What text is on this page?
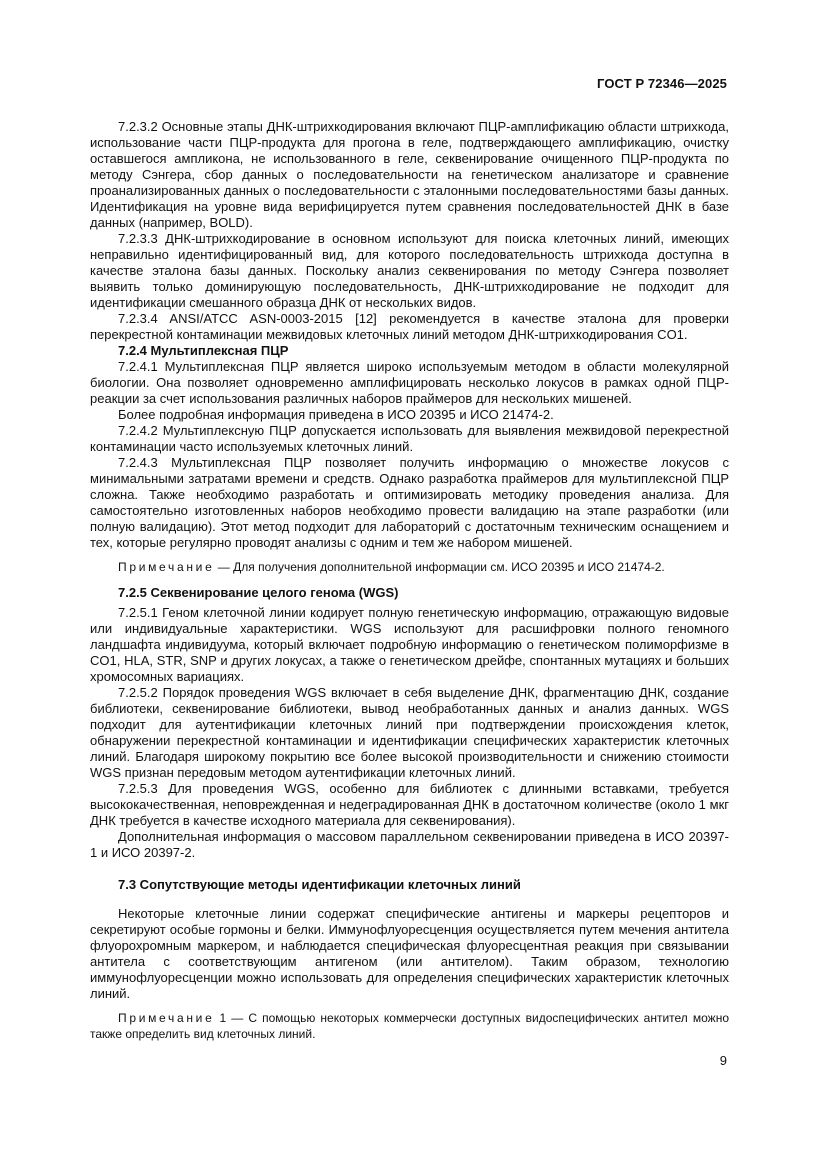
ГОСТ Р 72346—2025

7.2.3.2 Основные этапы ДНК-штрихкодирования включают ПЦР-амплификацию области штрихкода, использование части ПЦР-продукта для прогона в геле, подтверждающего амплификацию, очистку оставшегося ампликона, не использованного в геле, секвенирование очищенного ПЦР-продукта по методу Сэнгера, сбор данных о последовательности на генетическом анализаторе и сравнение проанализированных данных о последовательности с эталонными последовательностями базы данных. Идентификация на уровне вида верифицируется путем сравнения последовательностей ДНК в базе данных (например, BOLD).

7.2.3.3 ДНК-штрихкодирование в основном используют для поиска клеточных линий, имеющих неправильно идентифицированный вид, для которого последовательность штрихкода доступна в качестве эталона базы данных. Поскольку анализ секвенирования по методу Сэнгера позволяет выявить только доминирующую последовательность, ДНК-штрихкодирование не подходит для идентификации смешанного образца ДНК от нескольких видов.

7.2.3.4 ANSI/ATCC ASN-0003-2015 [12] рекомендуется в качестве эталона для проверки перекрестной контаминации межвидовых клеточных линий методом ДНК-штрихкодирования CO1.

7.2.4 Мультиплексная ПЦР

7.2.4.1 Мультиплексная ПЦР является широко используемым методом в области молекулярной биологии. Она позволяет одновременно амплифицировать несколько локусов в рамках одной ПЦР-реакции за счет использования различных наборов праймеров для нескольких мишеней.

Более подробная информация приведена в ИСО 20395 и ИСО 21474-2.

7.2.4.2 Мультиплексную ПЦР допускается использовать для выявления межвидовой перекрестной контаминации часто используемых клеточных линий.

7.2.4.3 Мультиплексная ПЦР позволяет получить информацию о множестве локусов с минимальными затратами времени и средств. Однако разработка праймеров для мультиплексной ПЦР сложна. Также необходимо разработать и оптимизировать методику проведения анализа. Для самостоятельно изготовленных наборов необходимо провести валидацию на этапе разработки (или полную валидацию). Этот метод подходит для лабораторий с достаточным техническим оснащением и тех, которые регулярно проводят анализы с одним и тем же набором мишеней.

Примечание — Для получения дополнительной информации см. ИСО 20395 и ИСО 21474-2.

7.2.5 Секвенирование целого генома (WGS)

7.2.5.1 Геном клеточной линии кодирует полную генетическую информацию, отражающую видовые или индивидуальные характеристики. WGS используют для расшифровки полного геномного ландшафта индивидуума, который включает подробную информацию о генетическом полиморфизме в CO1, HLA, STR, SNP и других локусах, а также о генетическом дрейфе, спонтанных мутациях и больших хромосомных вариациях.

7.2.5.2 Порядок проведения WGS включает в себя выделение ДНК, фрагментацию ДНК, создание библиотеки, секвенирование библиотеки, вывод необработанных данных и анализ данных. WGS подходит для аутентификации клеточных линий при подтверждении происхождения клеток, обнаружении перекрестной контаминации и идентификации специфических характеристик клеточных линий. Благодаря широкому покрытию все более высокой производительности и снижению стоимости WGS признан передовым методом аутентификации клеточных линий.

7.2.5.3 Для проведения WGS, особенно для библиотек с длинными вставками, требуется высококачественная, неповрежденная и недеградированная ДНК в достаточном количестве (около 1 мкг ДНК требуется в качестве исходного материала для секвенирования).

Дополнительная информация о массовом параллельном секвенировании приведена в ИСО 20397-1 и ИСО 20397-2.

7.3 Сопутствующие методы идентификации клеточных линий

Некоторые клеточные линии содержат специфические антигены и маркеры рецепторов и секретируют особые гормоны и белки. Иммунофлуоресценция осуществляется путем мечения антитела флуорохромным маркером, и наблюдается специфическая флуоресцентная реакция при связывании антитела с соответствующим антигеном (или антителом). Таким образом, технологию иммунофлуоресценции можно использовать для определения специфических характеристик клеточных линий.

Примечание 1 — С помощью некоторых коммерчески доступных видоспецифических антител можно также определить вид клеточных линий.

9
